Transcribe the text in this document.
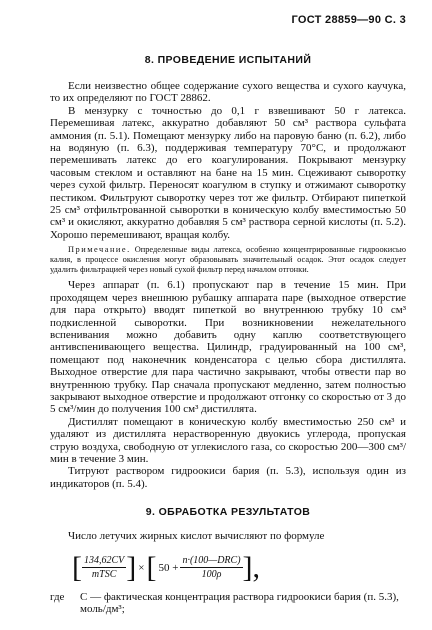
ГОСТ 28859—90 С. 3
8. ПРОВЕДЕНИЕ ИСПЫТАНИЙ

Если неизвестно общее содержание сухого вещества и сухого каучука, то их определяют по ГОСТ 28862.

В мензурку с точностью до 0,1 г взвешивают 50 г латекса. Перемешивая латекс, аккуратно добавляют 50 см³ раствора сульфата аммония (п. 5.1). Помещают мензурку либо на паровую баню (п. 6.2), либо на водяную (п. 6.3), поддерживая температуру 70°С, и продолжают перемешивать латекс до его коагулирования. Покрывают мензурку часовым стеклом и оставляют на бане на 15 мин. Сцеживают сыворотку через сухой фильтр. Переносят коагулюм в ступку и отжимают сыворотку пестиком. Фильтруют сыворотку через тот же фильтр. Отбирают пипеткой 25 см³ отфильтрованной сыворотки в коническую колбу вместимостью 50 см³ и окисляют, аккуратно добавляя 5 см³ раствора серной кислоты (п. 5.2). Хорошо перемешивают, вращая колбу.

Примечание. Определенные виды латекса, особенно концентрированные гидроокисью калия, в процессе окисления могут образовывать значительный осадок. Этот осадок следует удалить фильтрацией через новый сухой фильтр перед началом отгонки.

Через аппарат (п. 6.1) пропускают пар в течение 15 мин. При проходящем через внешнюю рубашку аппарата паре (выходное отверстие для пара открыто) вводят пипеткой во внутреннюю трубку 10 см³ подкисленной сыворотки. При возникновении нежелательного вспенивания можно добавить одну каплю соответствующего антивспенивающего вещества. Цилиндр, градуированный на 100 см³, помещают под наконечник конденсатора с целью сбора дистиллята. Выходное отверстие для пара частично закрывают, чтобы отвести пар во внутреннюю трубку. Пар сначала пропускают медленно, затем полностью закрывают выходное отверстие и продолжают отгонку со скоростью от 3 до 5 см³/мин до получения 100 см³ дистиллята.

Дистиллят помещают в коническую колбу вместимостью 250 см³ и удаляют из дистиллята нерастворенную двуокись углерода, пропуская струю воздуха, свободную от углекислого газа, со скоростью 200—300 см³/мин в течение 3 мин.

Титруют раствором гидроокиси бария (п. 5.3), используя один из индикаторов (п. 5.4).

9. ОБРАБОТКА РЕЗУЛЬТАТОВ

Число летучих жирных кислот вычисляют по формуле

[ $\frac{134,62CV}{\text{mTSC}}$ ] × [ $50 + \frac{\text{n·(100—DRC)}}{100\rho}$ ],
где	C — фактическая концентрация раствора гидроокиси бария (п. 5.3), моль/дм³;
